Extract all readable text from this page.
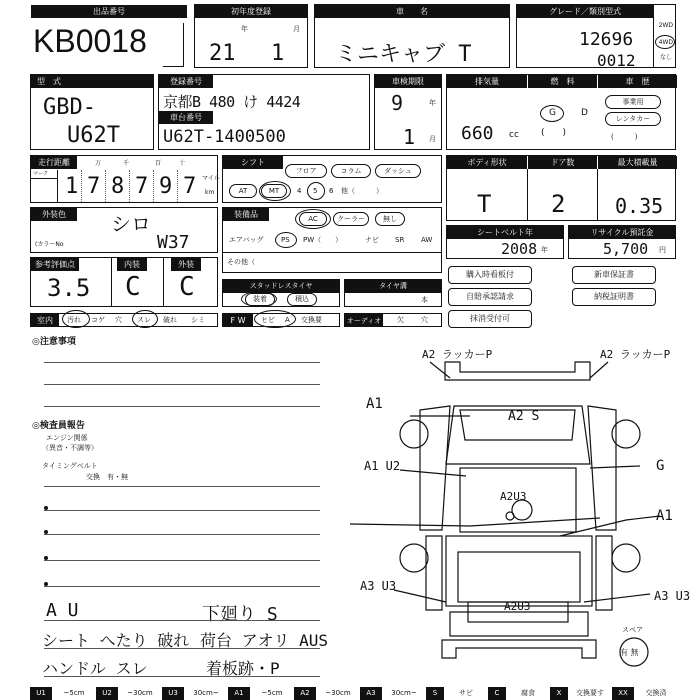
出品番号
KB0018
初年度登録
年	月
21 1
車　　名
ミニキャブ T
グレード／類別型式
12696
0012
2WD
4WD
なし
型　式
GBD-
U62T
登録番号
京都B 480 け 4424
車台番号
U62T-1400500
車検期限
9	年
1 月
排気量	燃　料	車　歴
660 cc
G	D
(　　)
事業用
レンタカー
(　　　)
走行距離
マーク
万	千	百	十
1 7 8 7 9 7 マイル
km
シフト
フロア	コラム	ダッシュ
AT	MT	4 5 6 他（　　　）
ボディ形状	ドア数	最大積載量
T 2 0.35
外装色	シロ
(カラーNo	W37
装備品	AC	クーラー	無し
エアバッグ	PS PW（　　）	ナビ SR AW
その他（
シートベルト年
2008 年
リサイクル預託金
5,700 円
参考評価点	内装	外装
3.5 C C	スタッドレスタイヤ
装着	積込
タイヤ溝
本
購入時看板付	新車保証書
自賠承認請求	納税証明書
抹消受付可
室内	汚れ コゲ 穴 スレ 破れ シミ	F W	ヒビ A 交換要	オーディオ 欠 穴
◎注意事項
◎検査員報告
エンジン関係
（異音・不調等）
タイミングベルト
交換　有・無
A U	下廻り S
シート へたり 破れ 荷台 アオリ AUS
ハンドル スレ	着板跡・P
A2 ラッカーP	A2 ラッカーP
A1
A2 S
A1 U2	G
A1
A2U3
A3 U3
A2U3
A3 U3
スペア
有 無
U1	~5cm	U2	~30cm	U3	30cm~	A1	~5cm	A2	~30cm	A3	30cm~	S	サビ	C	腐食	X	交換要す	XX	交換済
